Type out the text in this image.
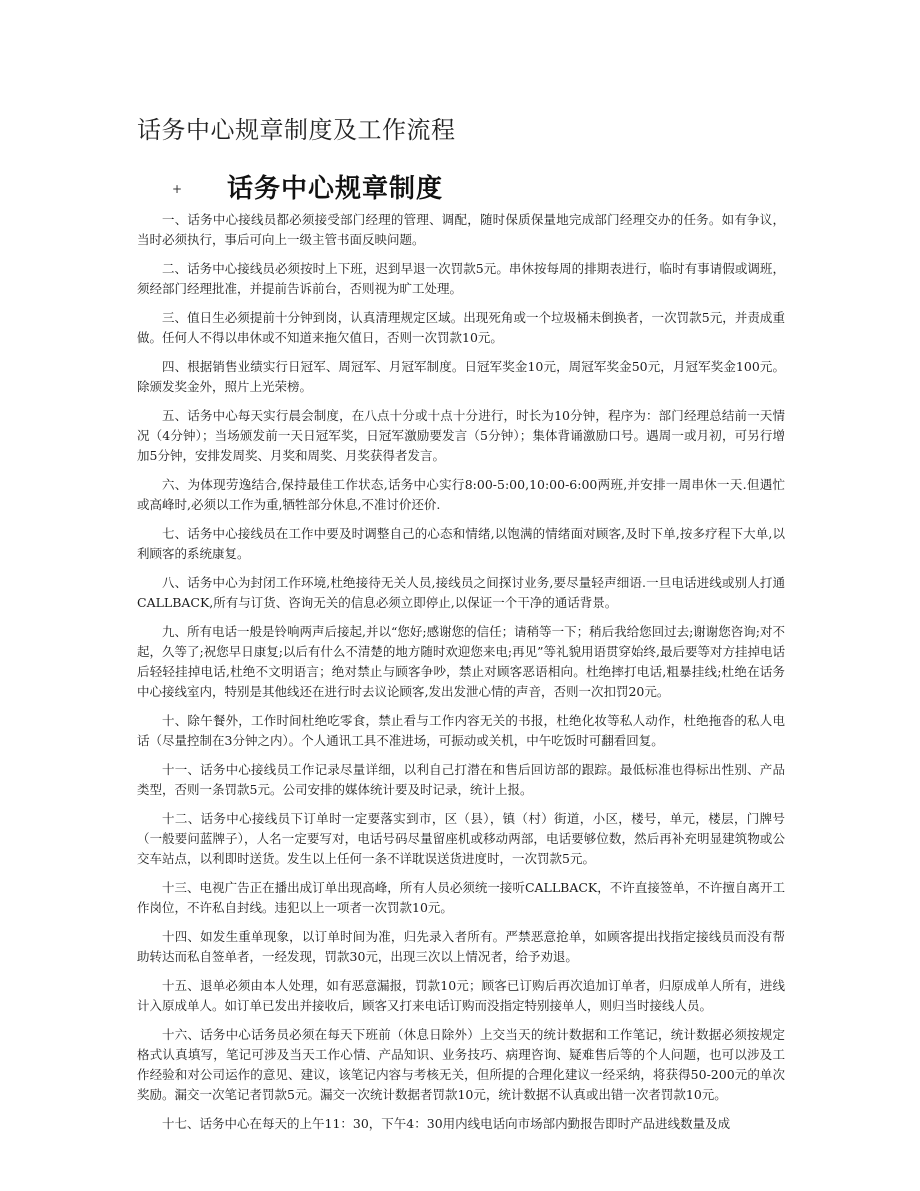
话务中心规章制度及工作流程
+ 话务中心规章制度

一、话务中心接线员都必须接受部门经理的管理、调配，随时保质保量地完成部门经理交办的任务。如有争议，当时必须执行，事后可向上一级主管书面反映问题。

二、话务中心接线员必须按时上下班，迟到早退一次罚款5元。串休按每周的排期表进行，临时有事请假或调班，须经部门经理批准，并提前告诉前台，否则视为旷工处理。

三、值日生必须提前十分钟到岗，认真清理规定区域。出现死角或一个垃圾桶未倒换者，一次罚款5元，并责成重做。任何人不得以串休或不知道来拖欠值日，否则一次罚款10元。

四、根据销售业绩实行日冠军、周冠军、月冠军制度。日冠军奖金10元，周冠军奖金50元，月冠军奖金100元。除颁发奖金外，照片上光荣榜。

五、话务中心每天实行晨会制度，在八点十分或十点十分进行，时长为10分钟，程序为：部门经理总结前一天情况（4分钟）；当场颁发前一天日冠军奖，日冠军激励要发言（5分钟）；集体背诵激励口号。遇周一或月初，可另行增加5分钟，安排发周奖、月奖和周奖、月奖获得者发言。

六、为体现劳逸结合,保持最佳工作状态,话务中心实行8:00-5:00,10:00-6:00两班,并安排一周串休一天.但遇忙或高峰时,必须以工作为重,牺牲部分休息,不准讨价还价.

七、话务中心接线员在工作中要及时调整自己的心态和情绪,以饱满的情绪面对顾客,及时下单,按多疗程下大单,以利顾客的系统康复。

八、话务中心为封闭工作环境,杜绝接待无关人员,接线员之间探讨业务,要尽量轻声细语.一旦电话进线或别人打通CALLBACK,所有与订货、咨询无关的信息必须立即停止,以保证一个干净的通话背景。

九、所有电话一般是铃响两声后接起,并以“您好;感谢您的信任；请稍等一下；稍后我给您回过去;谢谢您咨询;对不起，久等了;祝您早日康复;以后有什么不清楚的地方随时欢迎您来电;再见”等礼貌用语贯穿始终,最后要等对方挂掉电话后轻轻挂掉电话,杜绝不文明语言；绝对禁止与顾客争吵，禁止对顾客恶语相向。杜绝摔打电话,粗暴挂线;杜绝在话务中心接线室内，特别是其他线还在进行时去议论顾客,发出发泄心情的声音，否则一次扣罚20元。

十、除午餐外，工作时间杜绝吃零食，禁止看与工作内容无关的书报，杜绝化妆等私人动作，杜绝拖沓的私人电话（尽量控制在3分钟之内）。个人通讯工具不准进场，可振动或关机，中午吃饭时可翻看回复。

十一、话务中心接线员工作记录尽量详细，以利自己打潜在和售后回访部的跟踪。最低标准也得标出性别、产品类型，否则一条罚款5元。公司安排的媒体统计要及时记录，统计上报。

十二、话务中心接线员下订单时一定要落实到市，区（县），镇（村）街道，小区，楼号，单元，楼层，门牌号（一般要问蓝牌子），人名一定要写对，电话号码尽量留座机或移动两部，电话要够位数，然后再补充明显建筑物或公交车站点，以利即时送货。发生以上任何一条不详耽误送货进度时，一次罚款5元。

十三、电视广告正在播出成订单出现高峰，所有人员必须统一接听CALLBACK，不许直接签单，不许擅自离开工作岗位，不许私自封线。违犯以上一项者一次罚款10元。

十四、如发生重单现象，以订单时间为准，归先录入者所有。严禁恶意抢单，如顾客提出找指定接线员而没有帮助转达而私自签单者，一经发现，罚款30元，出现三次以上情况者，给予劝退。

十五、退单必须由本人处理，如有恶意漏报，罚款10元；顾客已订购后再次追加订单者，归原成单人所有，进线计入原成单人。如订单已发出并接收后，顾客又打来电话订购而没指定特别接单人，则归当时接线人员。

十六、话务中心话务员必须在每天下班前（休息日除外）上交当天的统计数据和工作笔记，统计数据必须按规定格式认真填写，笔记可涉及当天工作心情、产品知识、业务技巧、病理咨询、疑难售后等的个人问题，也可以涉及工作经验和对公司运作的意见、建议，该笔记内容与考核无关，但所提的合理化建议一经采纳，将获得50-200元的单次奖励。漏交一次笔记者罚款5元。漏交一次统计数据者罚款10元，统计数据不认真或出错一次者罚款10元。

十七、话务中心在每天的上午11：30，下午4：30用内线电话向市场部内勤报告即时产品进线数量及成
